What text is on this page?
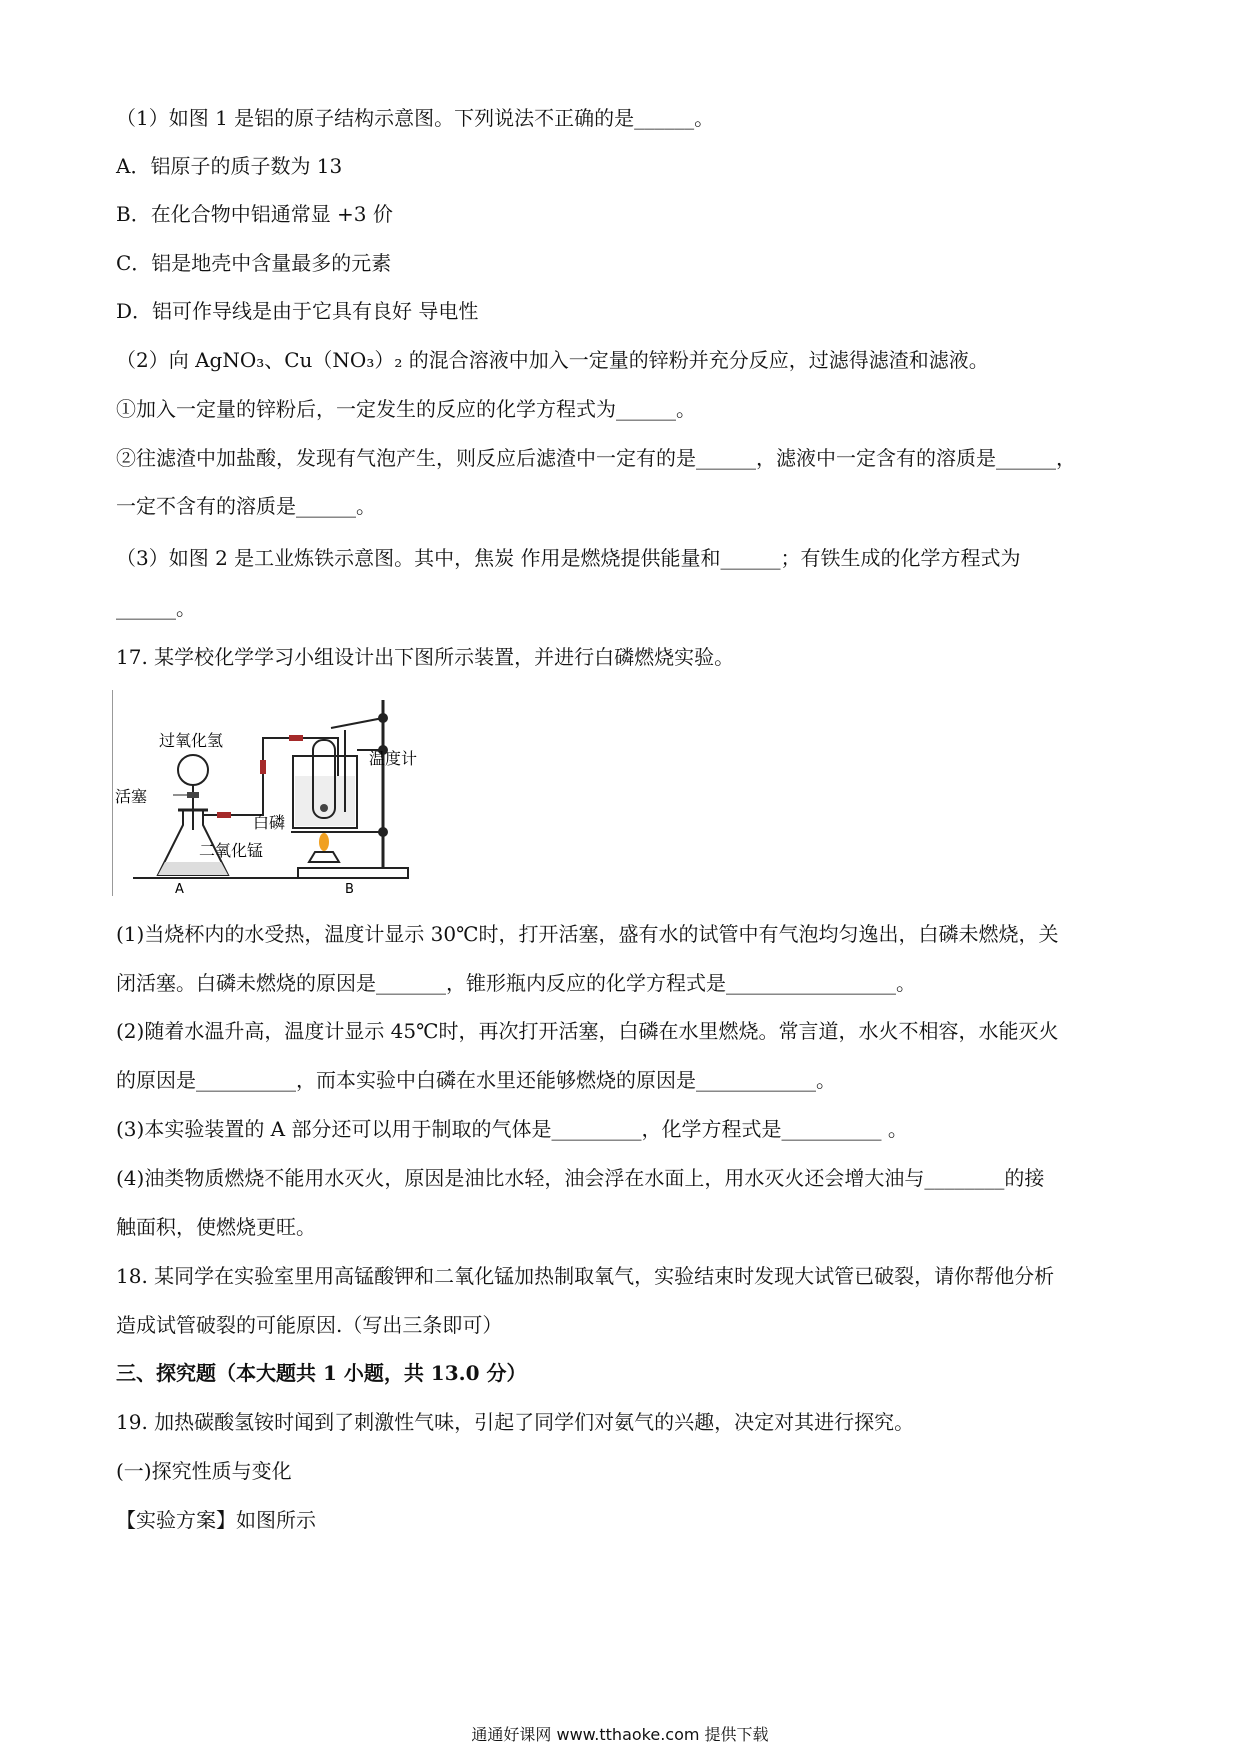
（1）如图 1 是铝的原子结构示意图。下列说法不正确的是______。
A．铝原子的质子数为 13
B．在化合物中铝通常显 +3 价
C．铝是地壳中含量最多的元素
D．铝可作导线是由于它具有良好 导电性
（2）向 AgNO₃、Cu（NO₃）₂ 的混合溶液中加入一定量的锌粉并充分反应，过滤得滤渣和滤液。
①加入一定量的锌粉后，一定发生的反应的化学方程式为______。
②往滤渣中加盐酸，发现有气泡产生，则反应后滤渣中一定有的是______，滤液中一定含有的溶质是______，
一定不含有的溶质是______。
（3）如图 2 是工业炼铁示意图。其中，焦炭 作用是燃烧提供能量和______；有铁生成的化学方程式为
______。
17. 某学校化学学习小组设计出下图所示装置，并进行白磷燃烧实验。
过氧化氢
活塞
二氧化锰
温度计
白磷
A	B
(1)当烧杯内的水受热，温度计显示 30℃时，打开活塞，盛有水的试管中有气泡均匀逸出，白磷未燃烧，关
闭活塞。白磷未燃烧的原因是_______，锥形瓶内反应的化学方程式是_________________。
(2)随着水温升高，温度计显示 45℃时，再次打开活塞，白磷在水里燃烧。常言道，水火不相容，水能灭火
的原因是__________，而本实验中白磷在水里还能够燃烧的原因是____________。
(3)本实验装置的 A 部分还可以用于制取的气体是_________，化学方程式是__________ 。
(4)油类物质燃烧不能用水灭火，原因是油比水轻，油会浮在水面上，用水灭火还会增大油与________的接
触面积，使燃烧更旺。
18. 某同学在实验室里用高锰酸钾和二氧化锰加热制取氧气，实验结束时发现大试管已破裂，请你帮他分析
造成试管破裂的可能原因.（写出三条即可）
三、探究题（本大题共 1 小题，共 13.0 分）
19. 加热碳酸氢铵时闻到了刺激性气味，引起了同学们对氨气的兴趣，决定对其进行探究。
(一)探究性质与变化
【实验方案】如图所示
通通好课网 www.tthaoke.com 提供下载
